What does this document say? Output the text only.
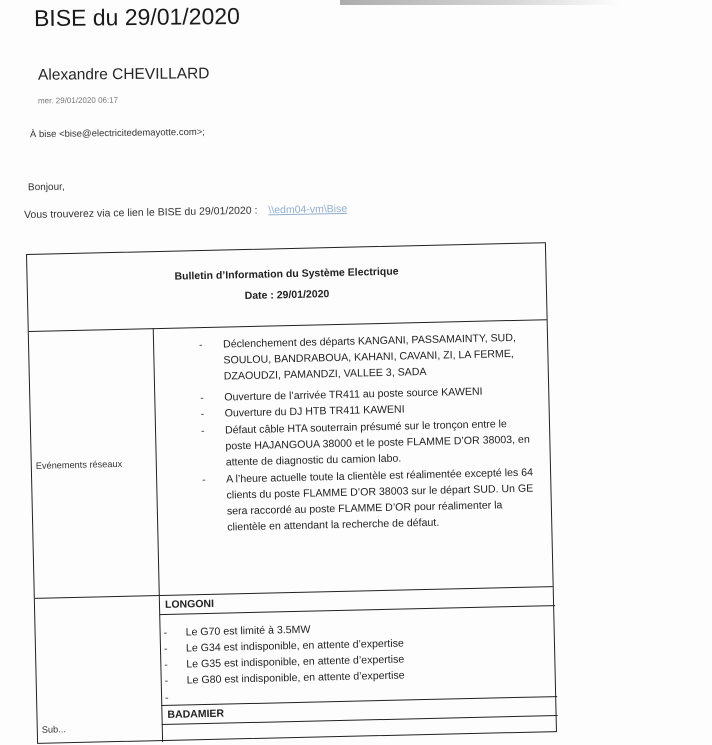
BISE du 29/01/2020
Alexandre CHEVILLARD
mer. 29/01/2020 06:17
À bise <bise@electricitedemayotte.com>;
Bonjour,
Vous trouverez via ce lien le BISE du 29/01/2020 : \\edm04-vm\Bise
Bulletin d’Information du Système Electrique
Date : 29/01/2020
Evénements réseaux
Sub...
- Déclenchement des départs KANGANI, PASSAMAINTY, SUD, SOULOU, BANDRABOUA, KAHANI, CAVANI, ZI, LA FERME, DZAOUDZI, PAMANDZI, VALLEE 3, SADA
- Ouverture de l’arrivée TR411 au poste source KAWENI
- Ouverture du DJ HTB TR411 KAWENI
- Défaut câble HTA souterrain présumé sur le tronçon entre le poste HAJANGOUA 38000 et le poste FLAMME D’OR 38003, en attente de diagnostic du camion labo.
- A l’heure actuelle toute la clientèle est réalimentée excepté les 64 clients du poste FLAMME D’OR 38003 sur le départ SUD. Un GE sera raccordé au poste FLAMME D’OR pour réalimenter la clientèle en attendant la recherche de défaut.
LONGONI
- Le G70 est limité à 3.5MW
- Le G34 est indisponible, en attente d’expertise
- Le G35 est indisponible, en attente d’expertise
- Le G80 est indisponible, en attente d’expertise
-
BADAMIER
